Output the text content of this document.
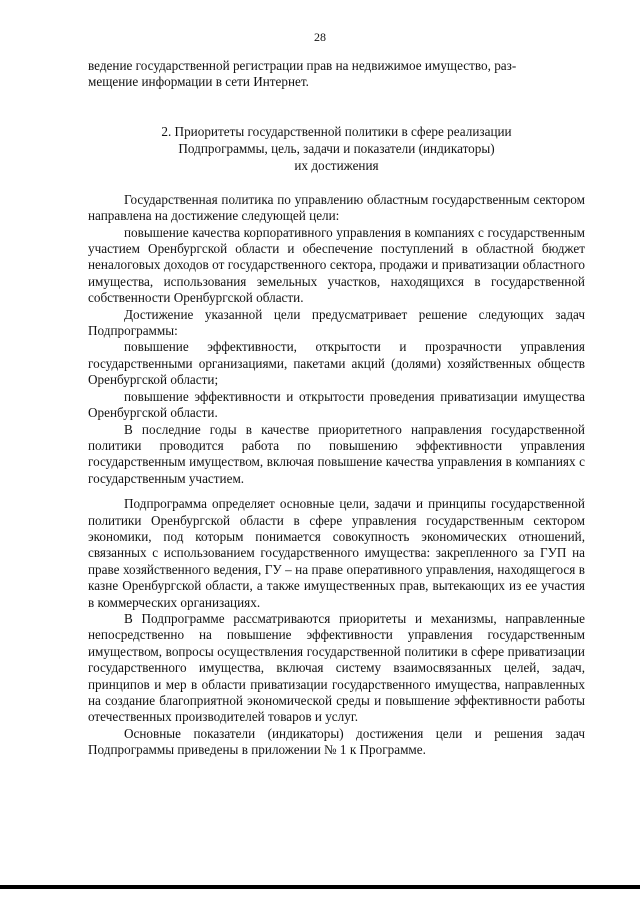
28

ведение государственной регистрации прав на недвижимое имущество, раз-
мещение информации в сети Интернет.

2. Приоритеты государственной политики в сфере реализации
Подпрограммы, цель, задачи и показатели (индикаторы)
их достижения

Государственная политика по управлению областным государственным сектором направлена на достижение следующей цели:

повышение качества корпоративного управления в компаниях с государственным участием Оренбургской области и обеспечение поступлений в областной бюджет неналоговых доходов от государственного сектора, продажи и приватизации областного имущества, использования земельных участков, находящихся в государственной собственности Оренбургской области.

Достижение указанной цели предусматривает решение следующих задач Подпрограммы:

повышение эффективности, открытости и прозрачности управления государственными организациями, пакетами акций (долями) хозяйственных обществ Оренбургской области;

повышение эффективности и открытости проведения приватизации имущества Оренбургской области.

В последние годы в качестве приоритетного направления государственной политики проводится работа по повышению эффективности управления государственным имуществом, включая повышение качества управления в компаниях с государственным участием.

Подпрограмма определяет основные цели, задачи и принципы государственной политики Оренбургской области в сфере управления государственным сектором экономики, под которым понимается совокупность экономических отношений, связанных с использованием государственного имущества: закрепленного за ГУП на праве хозяйственного ведения, ГУ – на праве оперативного управления, находящегося в казне Оренбургской области, а также имущественных прав, вытекающих из ее участия в коммерческих организациях.

В Подпрограмме рассматриваются приоритеты и механизмы, направленные непосредственно на повышение эффективности управления государственным имуществом, вопросы осуществления государственной политики в сфере приватизации государственного имущества, включая систему взаимосвязанных целей, задач, принципов и мер в области приватизации государственного имущества, направленных на создание благоприятной экономической среды и повышение эффективности работы отечественных производителей товаров и услуг.

Основные показатели (индикаторы) достижения цели и решения задач Подпрограммы приведены в приложении № 1 к Программе.
